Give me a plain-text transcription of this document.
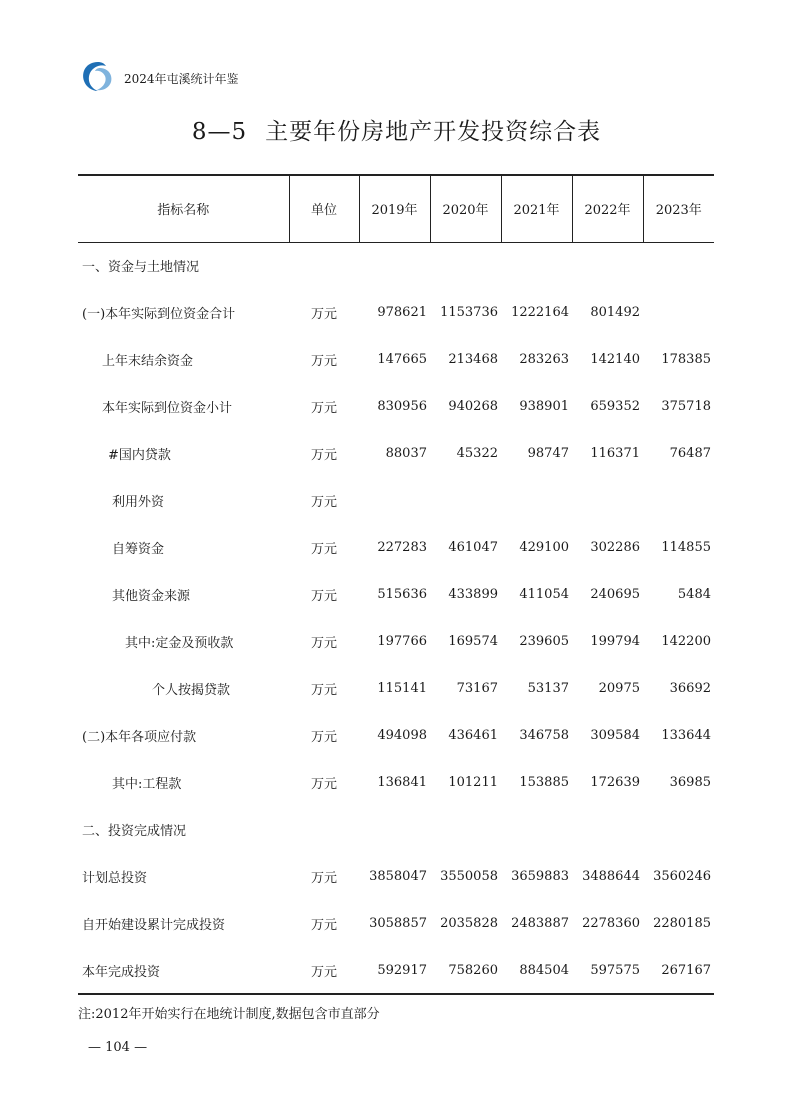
2024年屯溪统计年鉴
8—5 主要年份房地产开发投资综合表
指标名称	单位	2019年	2020年	2021年	2022年	2023年
一、资金与土地情况						
(一)本年实际到位资金合计	万元	978621	1153736	1222164	801492	
上年末结余资金	万元	147665	213468	283263	142140	178385
本年实际到位资金小计	万元	830956	940268	938901	659352	375718
#国内贷款	万元	88037	45322	98747	116371	76487
利用外资	万元					
自筹资金	万元	227283	461047	429100	302286	114855
其他资金来源	万元	515636	433899	411054	240695	5484
其中:定金及预收款	万元	197766	169574	239605	199794	142200
个人按揭贷款	万元	115141	73167	53137	20975	36692
(二)本年各项应付款	万元	494098	436461	346758	309584	133644
其中:工程款	万元	136841	101211	153885	172639	36985
二、投资完成情况						
计划总投资	万元	3858047	3550058	3659883	3488644	3560246
自开始建设累计完成投资	万元	3058857	2035828	2483887	2278360	2280185
本年完成投资	万元	592917	758260	884504	597575	267167
注:2012年开始实行在地统计制度,数据包含市直部分
— 104 —
